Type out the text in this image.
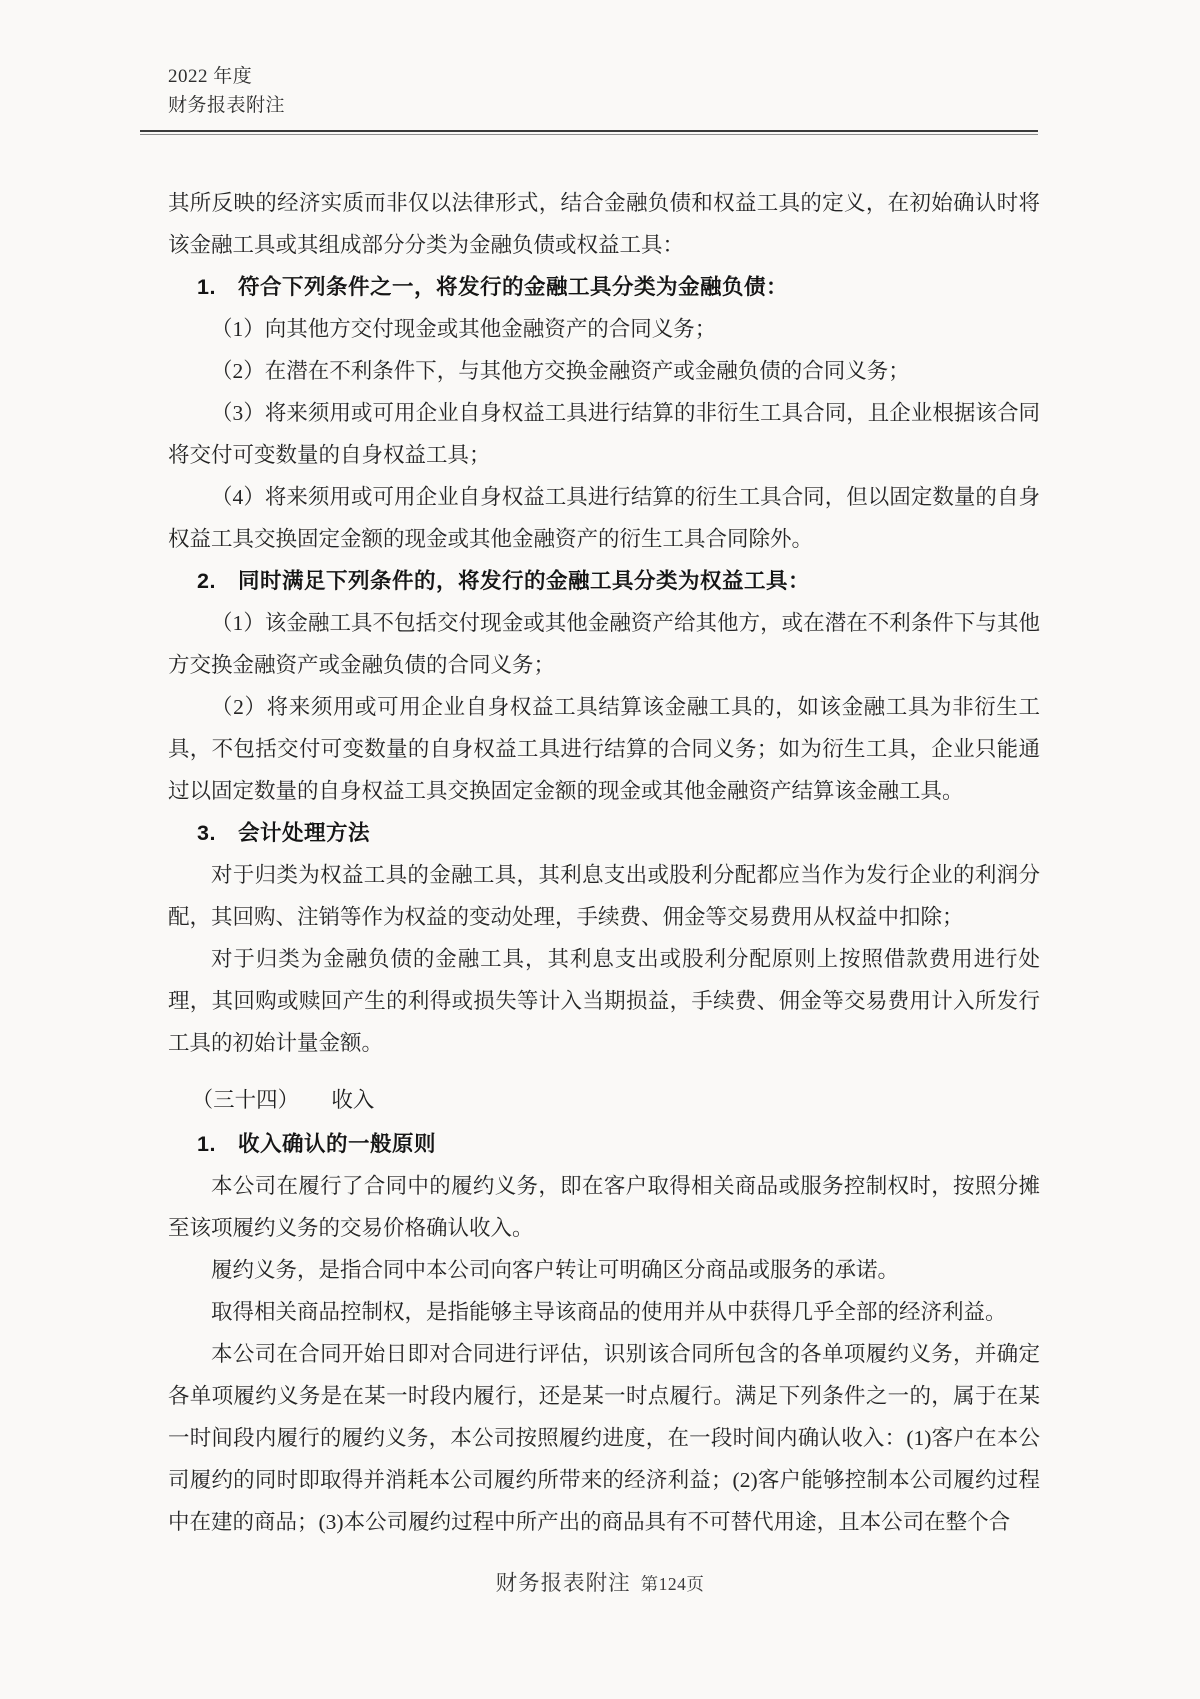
2022 年度
财务报表附注

其所反映的经济实质而非仅以法律形式，结合金融负债和权益工具的定义，在初始确认时将该金融工具或其组成部分分类为金融负债或权益工具：

1.　符合下列条件之一，将发行的金融工具分类为金融负债：

（1）向其他方交付现金或其他金融资产的合同义务；

（2）在潜在不利条件下，与其他方交换金融资产或金融负债的合同义务；

（3）将来须用或可用企业自身权益工具进行结算的非衍生工具合同，且企业根据该合同将交付可变数量的自身权益工具；

（4）将来须用或可用企业自身权益工具进行结算的衍生工具合同，但以固定数量的自身权益工具交换固定金额的现金或其他金融资产的衍生工具合同除外。

2.　同时满足下列条件的，将发行的金融工具分类为权益工具：

（1）该金融工具不包括交付现金或其他金融资产给其他方，或在潜在不利条件下与其他方交换金融资产或金融负债的合同义务；

（2）将来须用或可用企业自身权益工具结算该金融工具的，如该金融工具为非衍生工具，不包括交付可变数量的自身权益工具进行结算的合同义务；如为衍生工具，企业只能通过以固定数量的自身权益工具交换固定金额的现金或其他金融资产结算该金融工具。

3.　会计处理方法

对于归类为权益工具的金融工具，其利息支出或股利分配都应当作为发行企业的利润分配，其回购、注销等作为权益的变动处理，手续费、佣金等交易费用从权益中扣除；

对于归类为金融负债的金融工具，其利息支出或股利分配原则上按照借款费用进行处理，其回购或赎回产生的利得或损失等计入当期损益，手续费、佣金等交易费用计入所发行工具的初始计量金额。

（三十四）　　收入

1.　收入确认的一般原则

本公司在履行了合同中的履约义务，即在客户取得相关商品或服务控制权时，按照分摊至该项履约义务的交易价格确认收入。

履约义务，是指合同中本公司向客户转让可明确区分商品或服务的承诺。

取得相关商品控制权，是指能够主导该商品的使用并从中获得几乎全部的经济利益。

本公司在合同开始日即对合同进行评估，识别该合同所包含的各单项履约义务，并确定各单项履约义务是在某一时段内履行，还是某一时点履行。满足下列条件之一的，属于在某一时间段内履行的履约义务，本公司按照履约进度，在一段时间内确认收入：(1)客户在本公司履约的同时即取得并消耗本公司履约所带来的经济利益；(2)客户能够控制本公司履约过程中在建的商品；(3)本公司履约过程中所产出的商品具有不可替代用途，且本公司在整个合

财务报表附注 第124页
